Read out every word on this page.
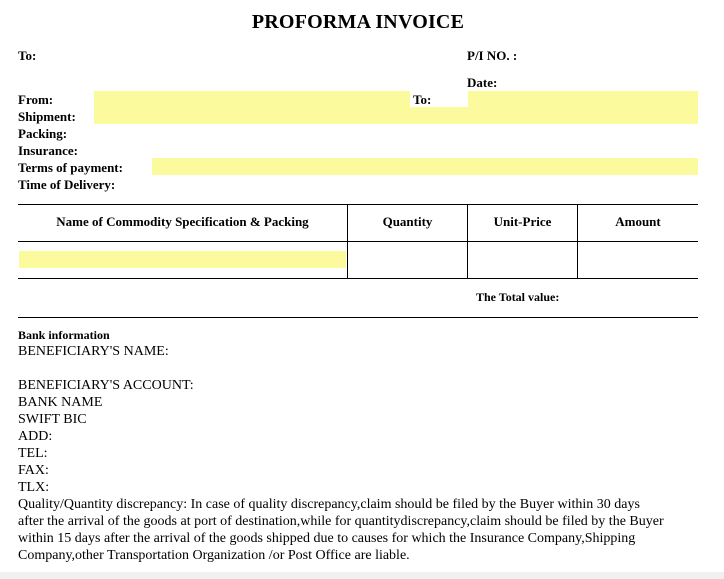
PROFORMA INVOICE
To:	P/I NO. :
Date:
From:	To:
Shipment:
Packing:
Insurance:
Terms of payment:
Time of Delivery:
Name of Commodity Specification & Packing	Quantity	Unit-Price	Amount
The Total value:
Bank information
BENEFICIARY'S NAME:
BENEFICIARY'S ACCOUNT:
BANK NAME
SWIFT BIC
ADD:
TEL:
FAX:
TLX:
Quality/Quantity discrepancy: In case of quality discrepancy,claim should be filed by the Buyer within 30 days
after the arrival of the goods at port of destination,while for quantitydiscrepancy,claim should be filed by the Buyer
within 15 days after the arrival of the goods shipped due to causes for which the Insurance Company,Shipping
Company,other Transportation Organization /or Post Office are liable.
